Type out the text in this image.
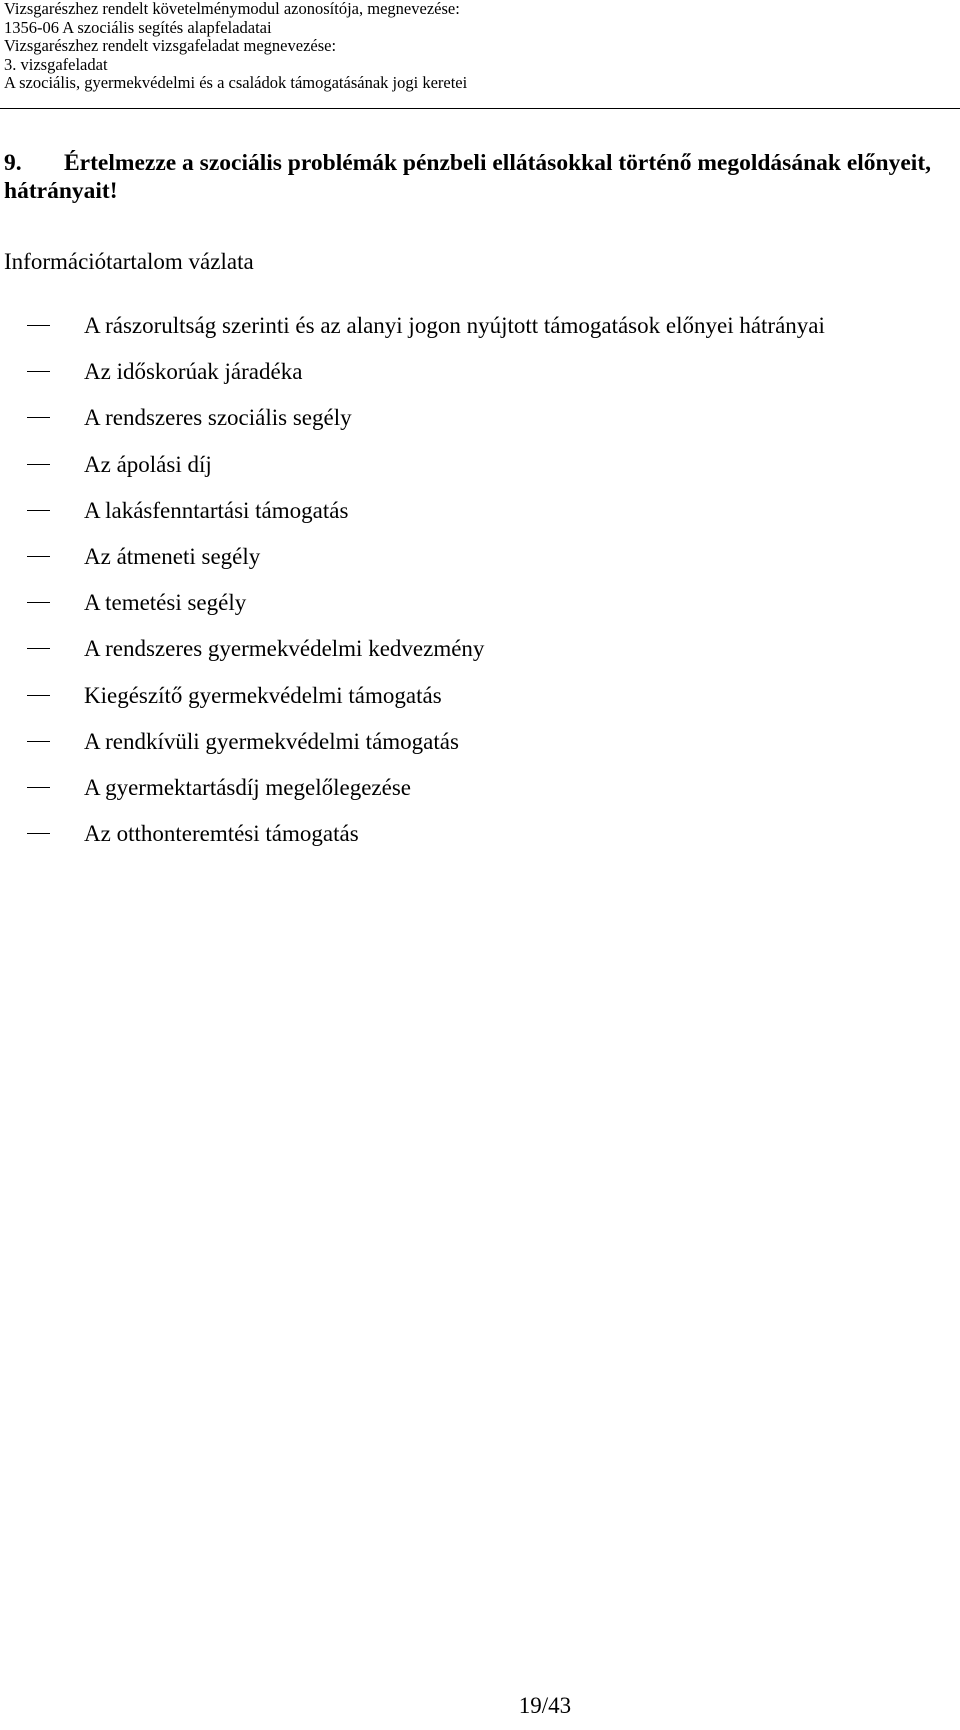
Vizsgarészhez rendelt követelménymodul azonosítója, megnevezése:
1356-06 A szociális segítés alapfeladatai
Vizsgarészhez rendelt vizsgafeladat megnevezése:
3. vizsgafeladat
A szociális, gyermekvédelmi és a családok támogatásának jogi keretei
9. Értelmezze a szociális problémák pénzbeli ellátásokkal történő megoldásának előnyeit, hátrányait!
Információtartalom vázlata
A rászorultság szerinti és az alanyi jogon nyújtott támogatások előnyei hátrányai
Az időskorúak járadéka
A rendszeres szociális segély
Az ápolási díj
A lakásfenntartási támogatás
Az átmeneti segély
A temetési segély
A rendszeres gyermekvédelmi kedvezmény
Kiegészítő gyermekvédelmi támogatás
A rendkívüli gyermekvédelmi támogatás
A gyermektartásdíj megelőlegezése
Az otthonteremtési támogatás
19/43
